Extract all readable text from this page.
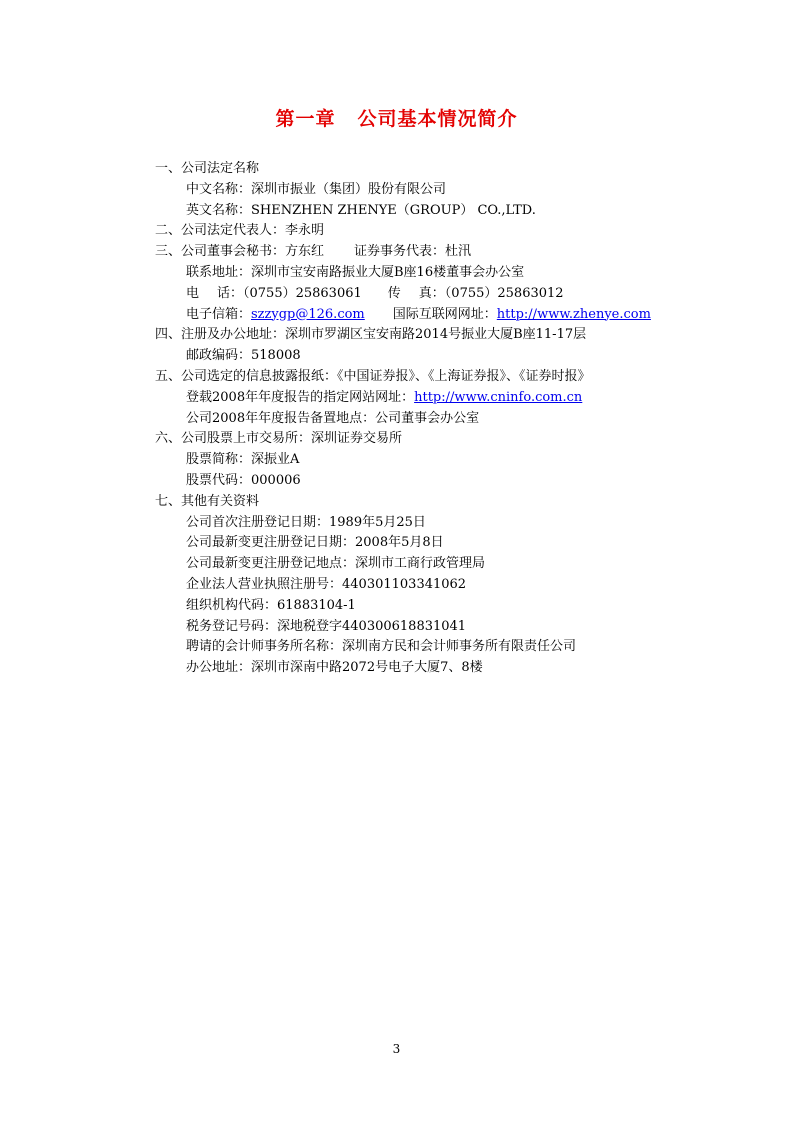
第一章 公司基本情况简介
一、公司法定名称
中文名称：深圳市振业（集团）股份有限公司
英文名称：SHENZHEN ZHENYE（GROUP） CO.,LTD.
二、公司法定代表人：李永明
三、公司董事会秘书：方东红 证券事务代表：杜汛
联系地址：深圳市宝安南路振业大厦B座16楼董事会办公室
电 话：（0755）25863061 传 真：（0755）25863012
电子信箱：szzygp@126.com 国际互联网网址：http://www.zhenye.com
四、注册及办公地址：深圳市罗湖区宝安南路2014号振业大厦B座11-17层
邮政编码：518008
五、公司选定的信息披露报纸：《中国证券报》、《上海证券报》、《证券时报》
登载2008年年度报告的指定网站网址：http://www.cninfo.com.cn
公司2008年年度报告备置地点：公司董事会办公室
六、公司股票上市交易所：深圳证券交易所
股票简称：深振业A
股票代码：000006
七、其他有关资料
公司首次注册登记日期：1989年5月25日
公司最新变更注册登记日期：2008年5月8日
公司最新变更注册登记地点：深圳市工商行政管理局
企业法人营业执照注册号：440301103341062
组织机构代码：61883104-1
税务登记号码：深地税登字440300618831041
聘请的会计师事务所名称：深圳南方民和会计师事务所有限责任公司
办公地址：深圳市深南中路2072号电子大厦7、8楼
3
